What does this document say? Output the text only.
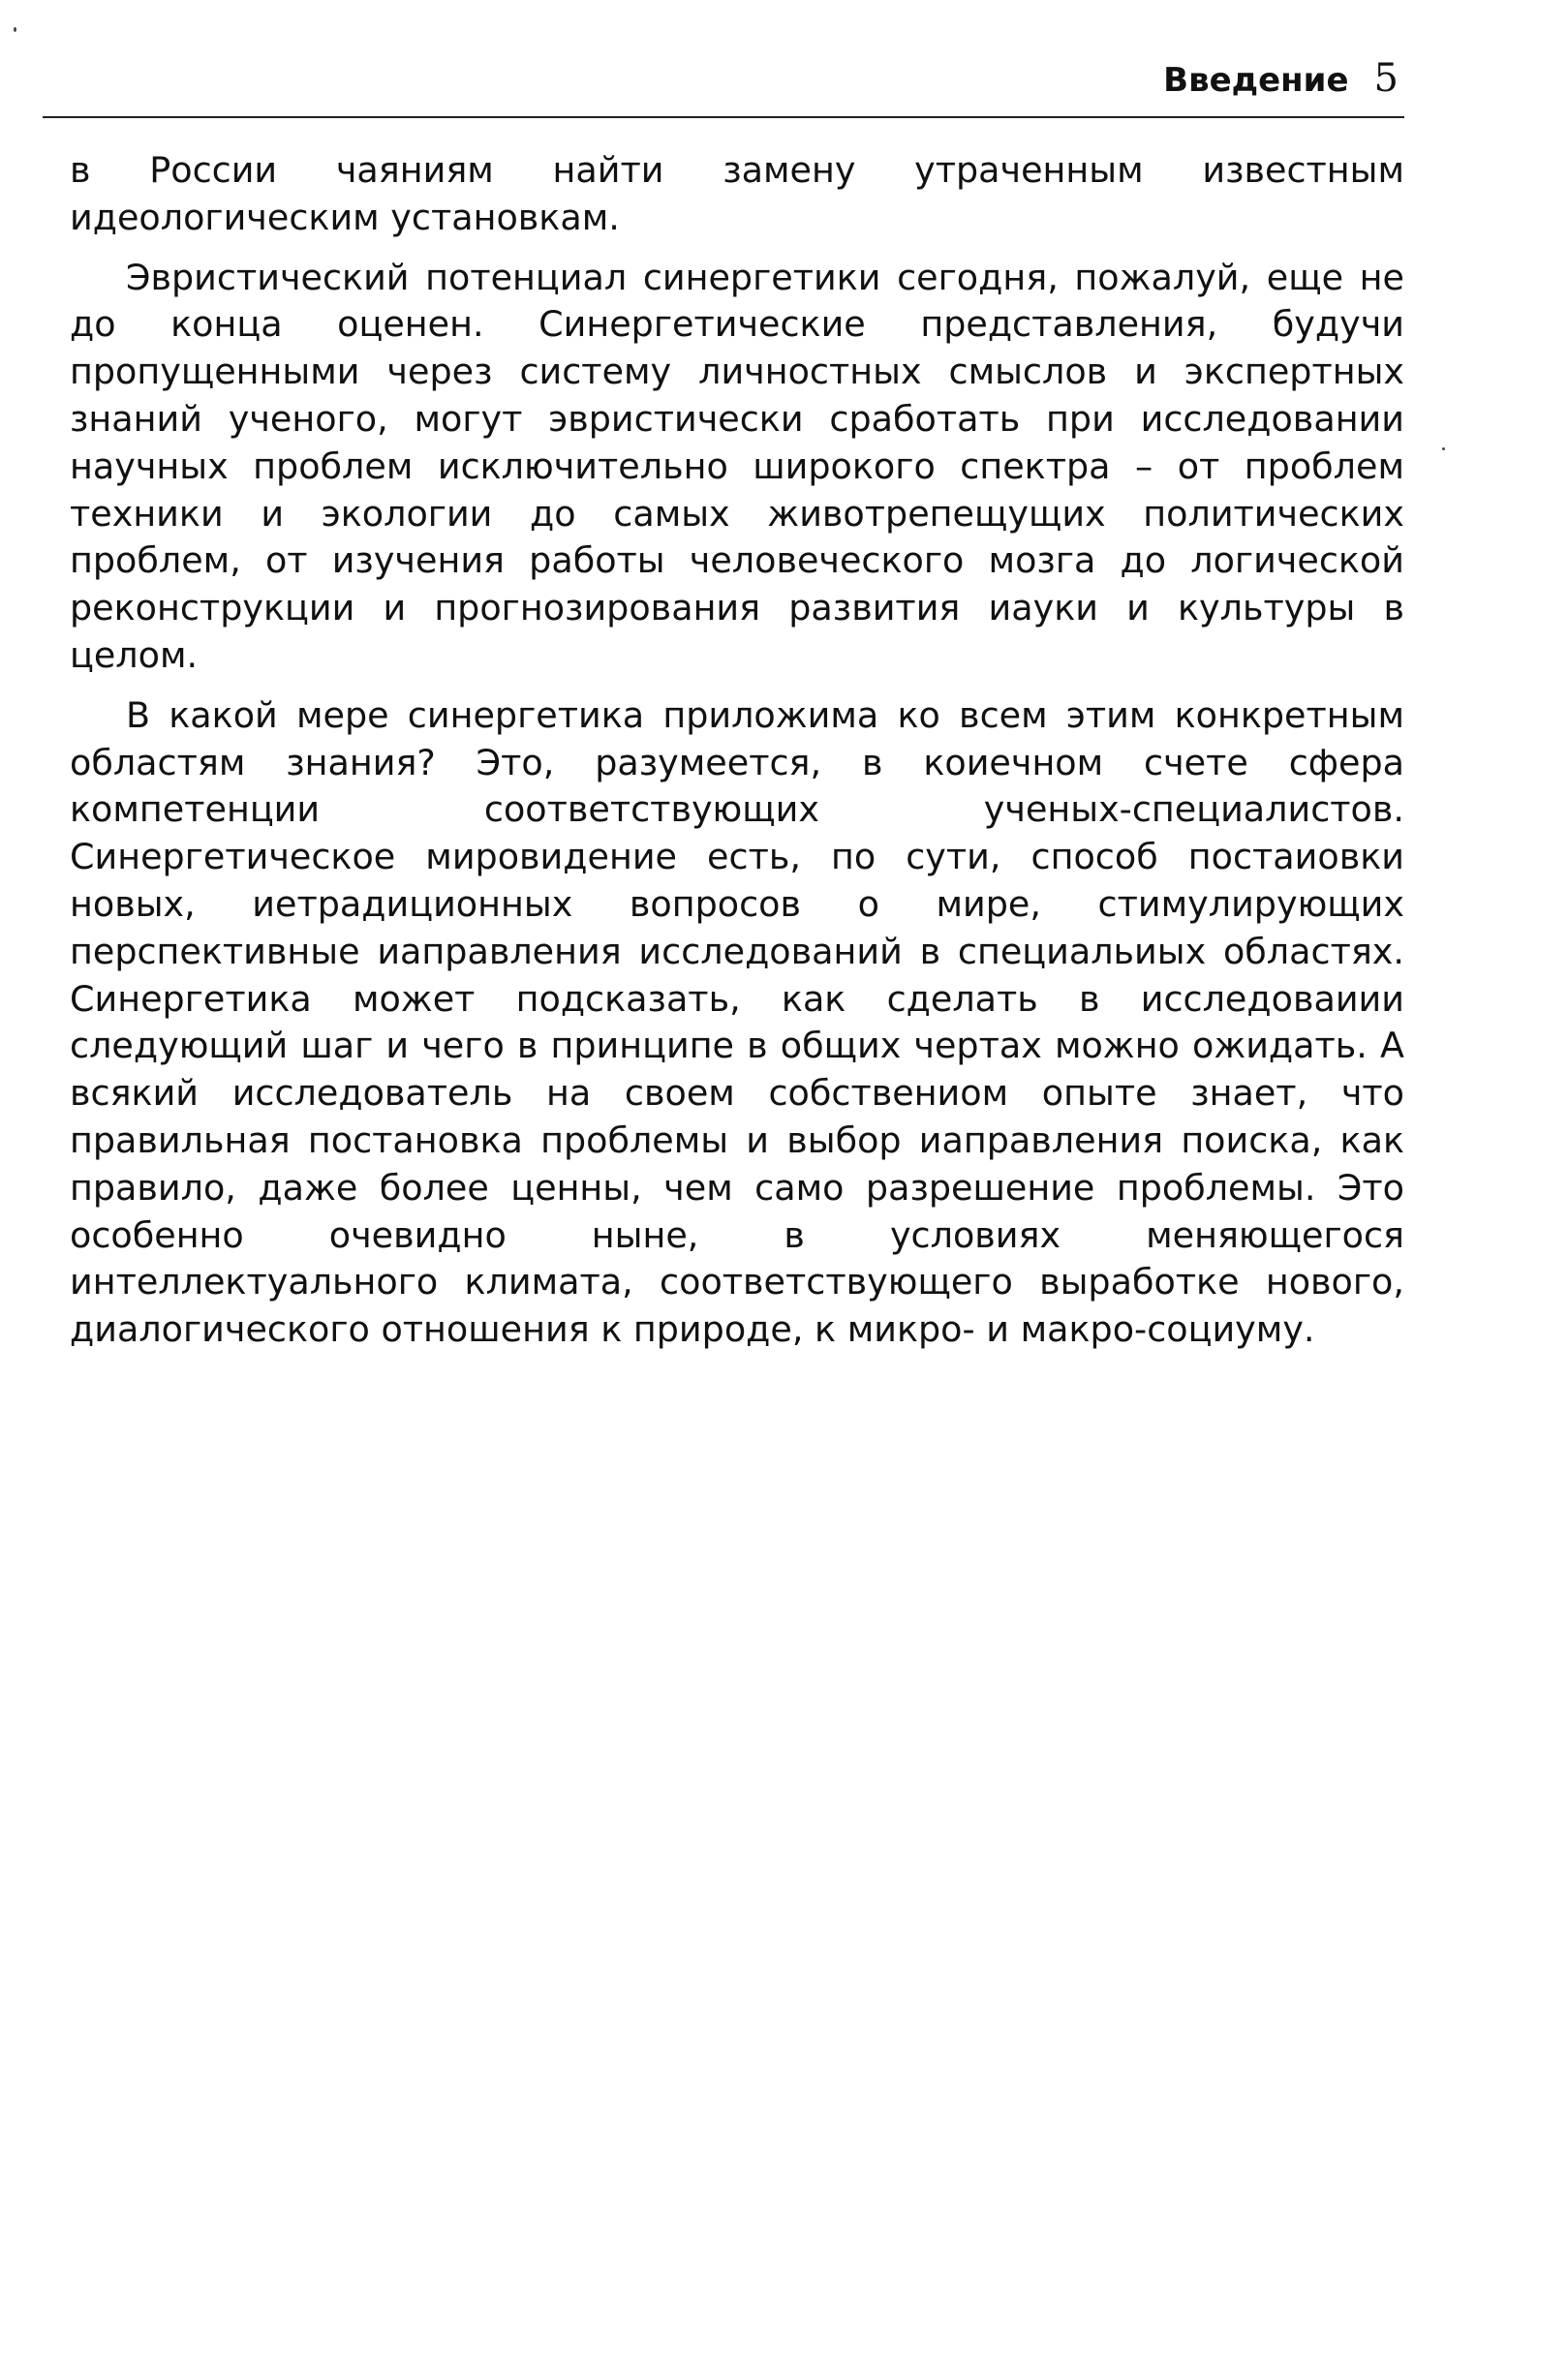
Введение 5

в России чаяниям найти замену утраченным известным идеологическим установкам.

Эвристический потенциал синергетики сегодня, пожалуй, еще не до конца оценен. Синергетические представления, будучи пропущенными через систему личностных смыслов и экспертных знаний ученого, могут эвристически сработать при исследовании научных проблем исключительно широкого спектра – от проблем техники и экологии до самых животрепещущих политических проблем, от изучения работы человеческого мозга до логической реконструкции и прогнозирования развития иауки и культуры в целом.

В какой мере синергетика приложима ко всем этим конкретным областям знания? Это, разумеется, в коиечном счете сфера компетенции соответствующих ученых-специалистов. Синергетическое мировидение есть, по сути, способ постаиовки новых, иетрадиционных вопросов о мире, стимулирующих перспективные иаправления исследований в специальиых областях. Синергетика может подсказать, как сделать в исследоваиии следующий шаг и чего в принципе в общих чертах можно ожидать. А всякий исследователь на своем собствениом опыте знает, что правильная постановка проблемы и выбор иаправления поиска, как правило, даже более ценны, чем само разрешение проблемы. Это особенно очевидно ныне, в условиях меняющегося интеллектуального климата, соответствующего выработке нового, диалогического отношения к природе, к микро- и макро-социуму.
